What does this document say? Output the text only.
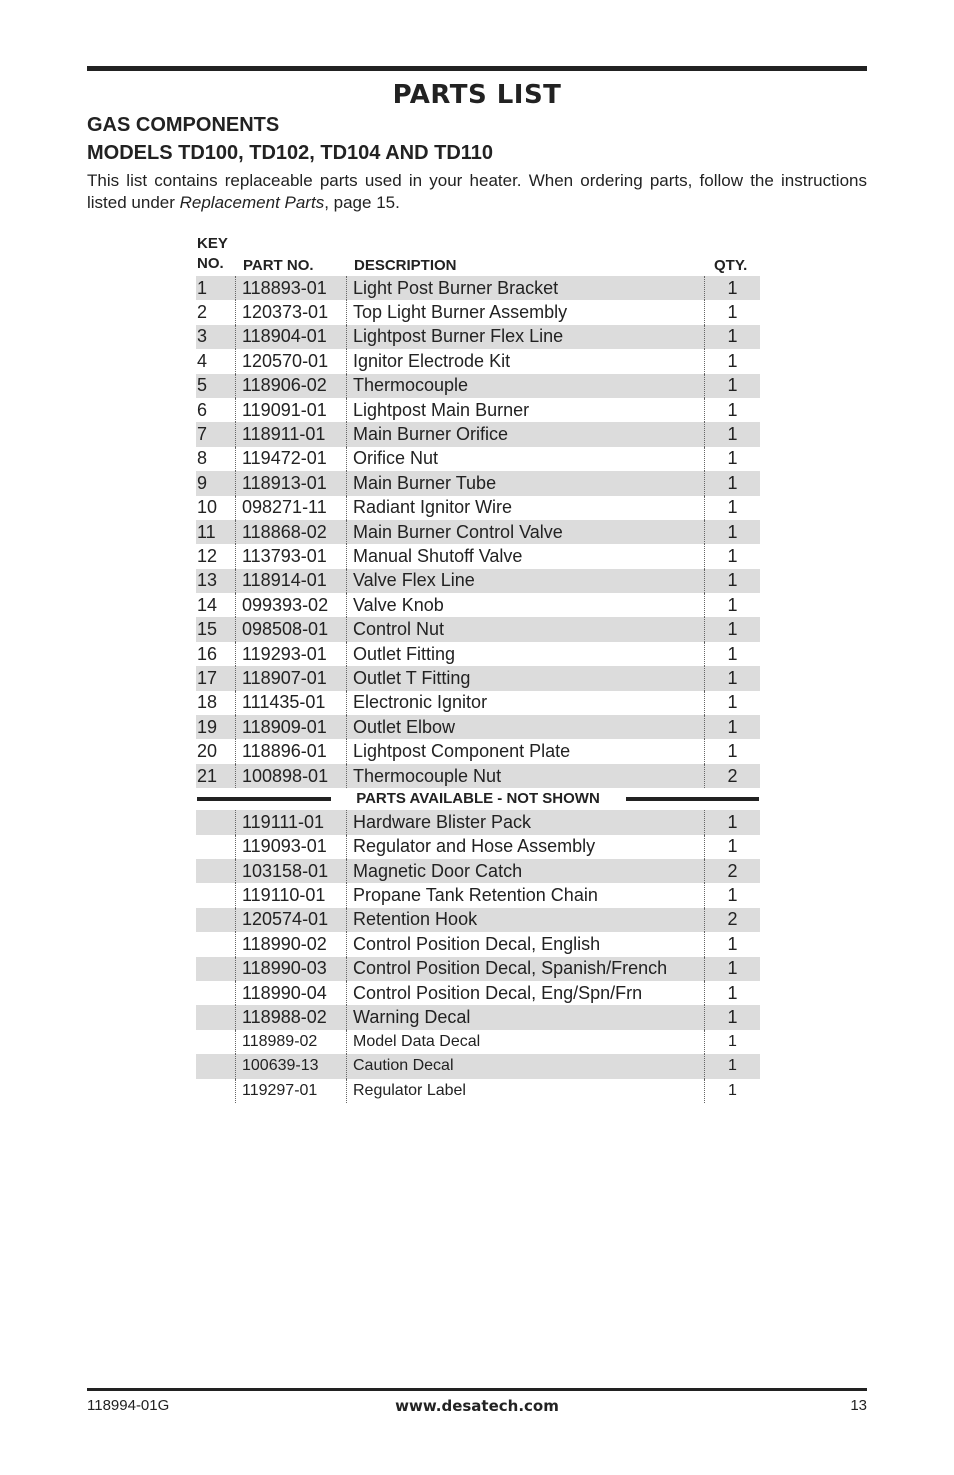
PARTS LIST
GAS COMPONENTS
MODELS TD100, TD102, TD104 AND TD110
This list contains replaceable parts used in your heater. When ordering parts, follow the instructions listed under Replacement Parts, page 15.
KEY
NO. PART NO.	DESCRIPTION	QTY.
1	118893-01	Light Post Burner Bracket	1
2	120373-01	Top Light Burner Assembly	1
3	118904-01	Lightpost Burner Flex Line	1
4	120570-01	Ignitor Electrode Kit	1
5	118906-02	Thermocouple	1
6	119091-01	Lightpost Main Burner	1
7	118911-01	Main Burner Orifice	1
8	119472-01	Orifice Nut	1
9	118913-01	Main Burner Tube	1
10	098271-11	Radiant Ignitor Wire	1
11	118868-02	Main Burner Control Valve	1
12	113793-01	Manual Shutoff Valve	1
13	118914-01	Valve Flex Line	1
14	099393-02	Valve Knob	1
15	098508-01	Control Nut	1
16	119293-01	Outlet Fitting	1
17	118907-01	Outlet T Fitting	1
18	111435-01	Electronic Ignitor	1
19	118909-01	Outlet Elbow	1
20	118896-01	Lightpost Component Plate	1
21	100898-01	Thermocouple Nut	2
PARTS AVAILABLE - NOT SHOWN
119111-01	Hardware Blister Pack	1
119093-01	Regulator and Hose Assembly	1
103158-01	Magnetic Door Catch	2
119110-01	Propane Tank Retention Chain	1
120574-01	Retention Hook	2
118990-02	Control Position Decal, English	1
118990-03	Control Position Decal, Spanish/French	1
118990-04	Control Position Decal, Eng/Spn/Frn	1
118988-02	Warning Decal	1
118989-02	Model Data Decal	1
100639-13	Caution Decal	1
119297-01	Regulator Label	1
118994-01G	www.desatech.com	13
